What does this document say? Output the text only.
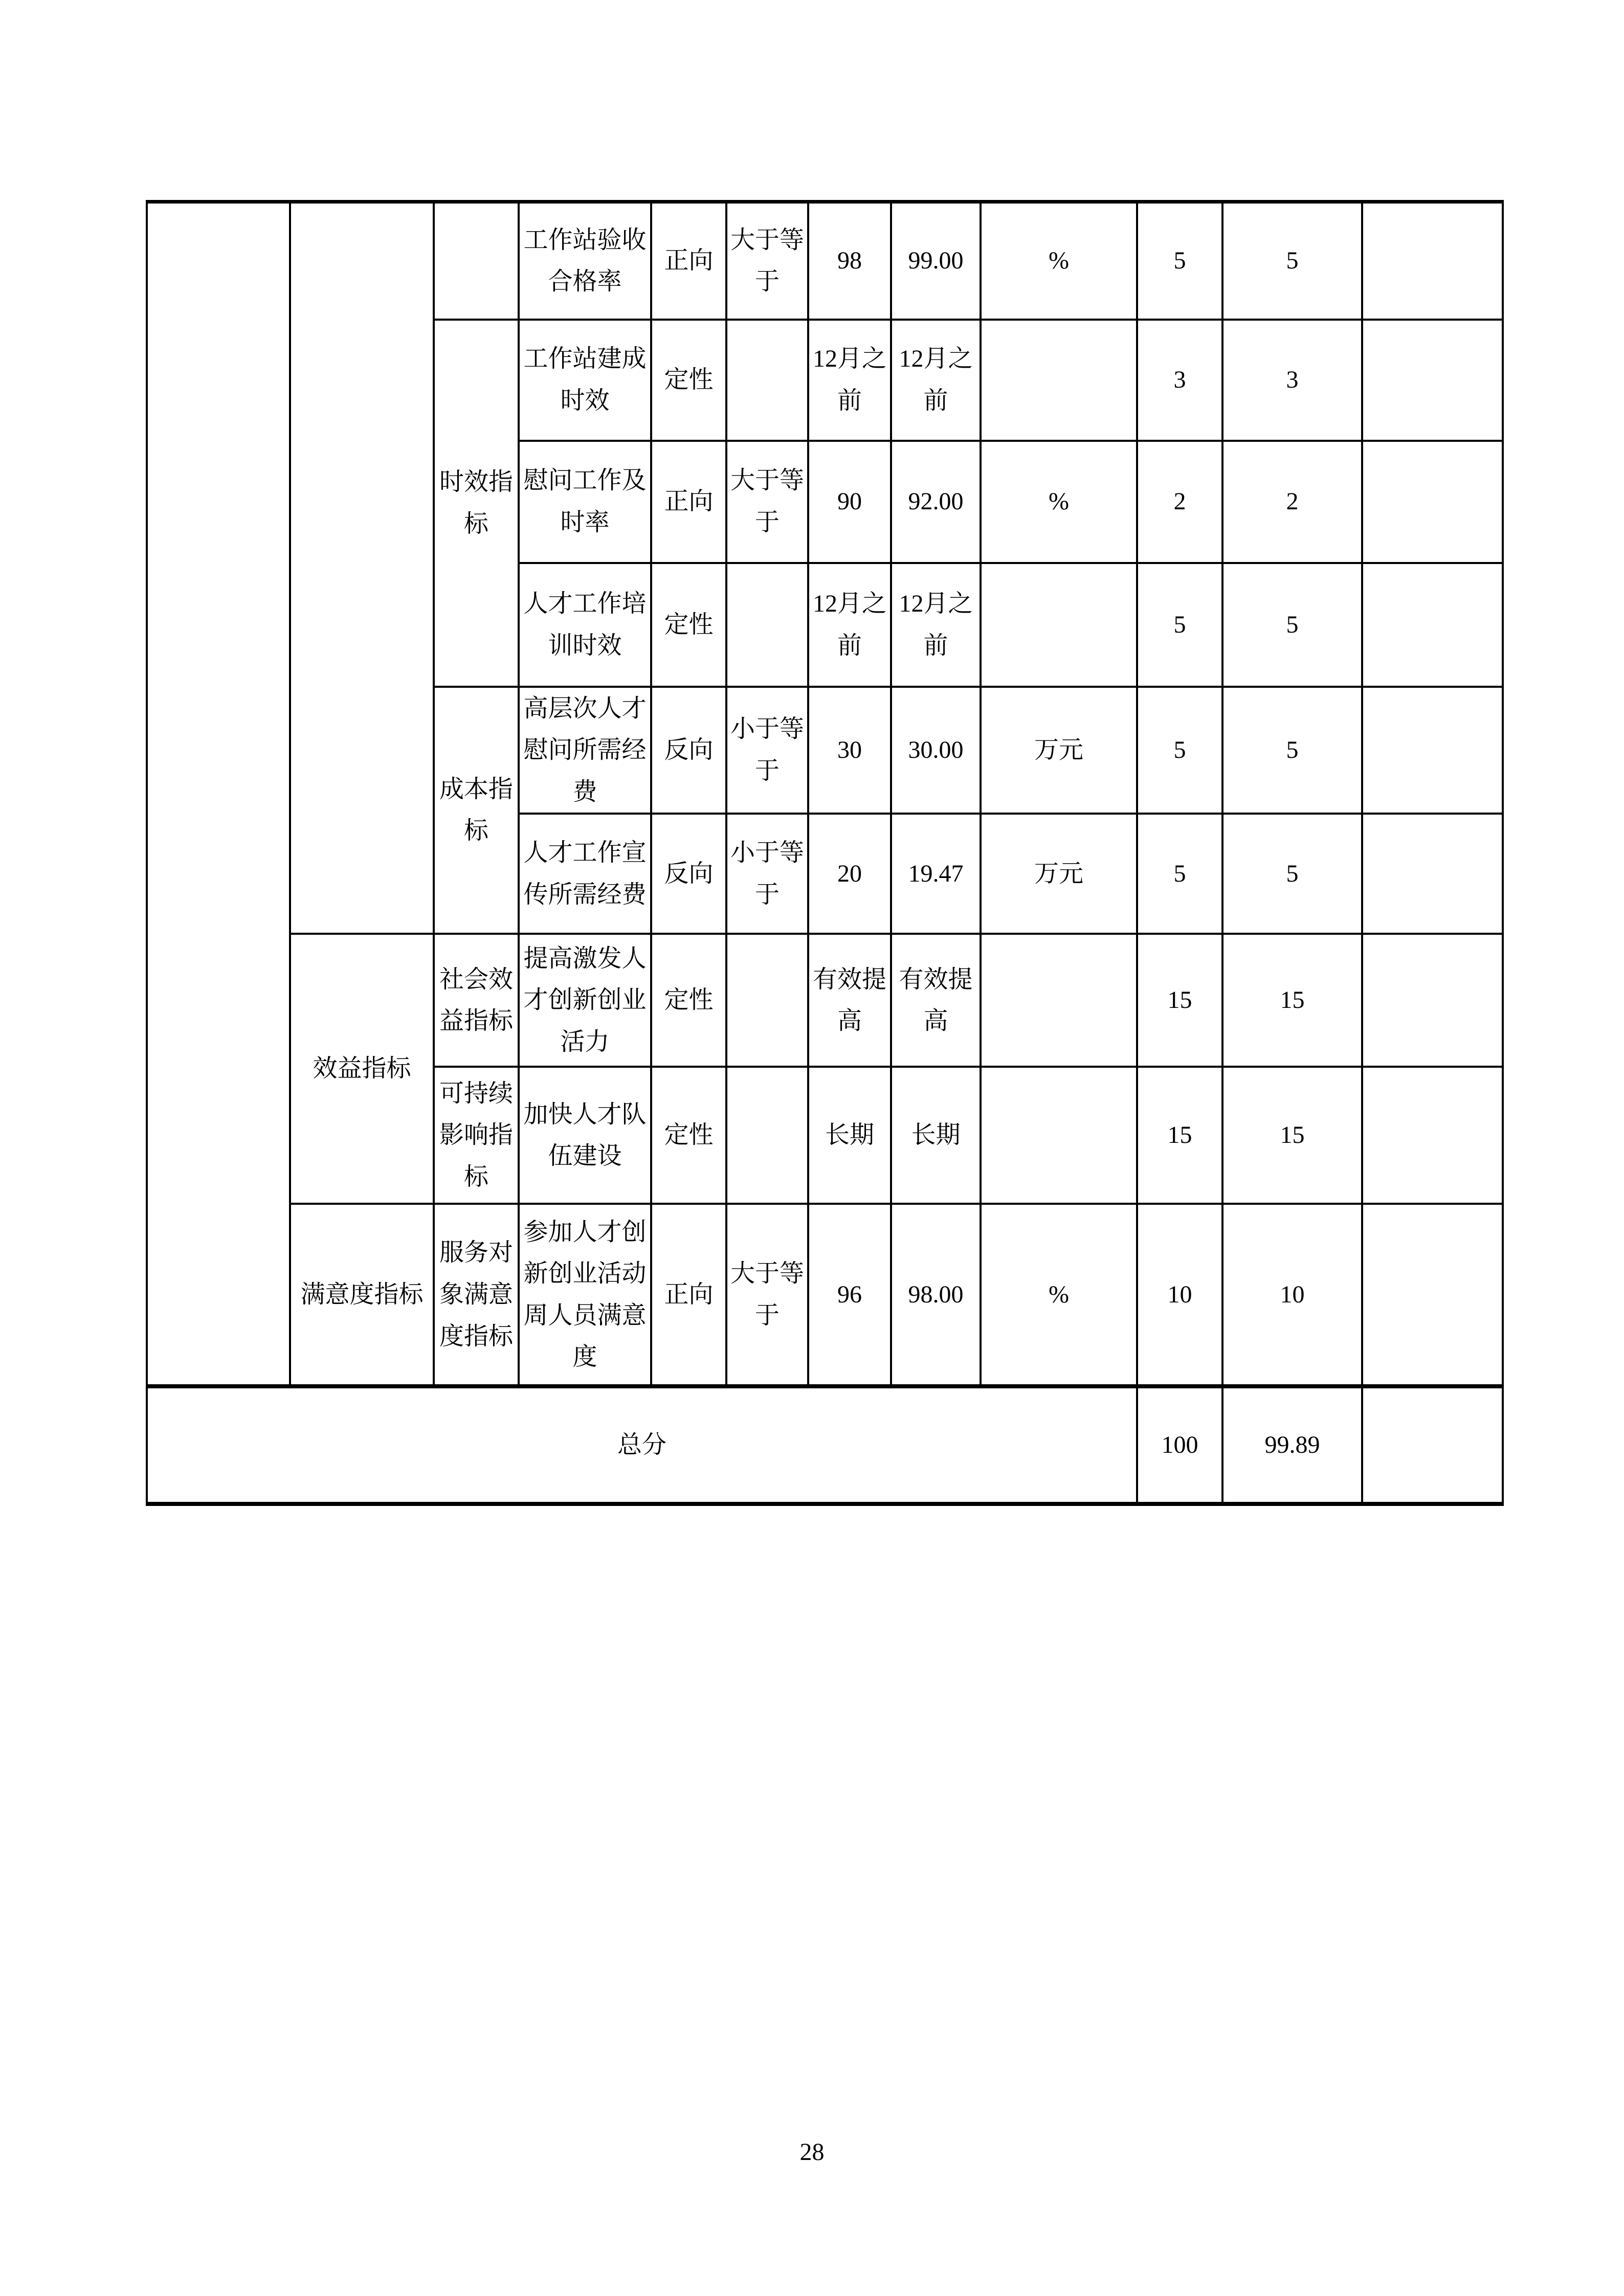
			工作站验收合格率	正向	大于等于	98	99.00	%	5	5	
		时效指标	工作站建成时效	定性		12月之前	12月之前		3	3	
			慰问工作及时率	正向	大于等于	90	92.00	%	2	2	
			人才工作培训时效	定性		12月之前	12月之前		5	5	
		成本指标	高层次人才慰问所需经费	反向	小于等于	30	30.00	万元	5	5	
			人才工作宣传所需经费	反向	小于等于	20	19.47	万元	5	5	
	效益指标	社会效益指标	提高激发人才创新创业活力	定性		有效提高	有效提高		15	15	
		可持续影响指标	加快人才队伍建设	定性		长期	长期		15	15	
	满意度指标	服务对象满意度指标	参加人才创新创业活动周人员满意度	正向	大于等于	96	98.00	%	10	10	
总分									100	99.89	
28
